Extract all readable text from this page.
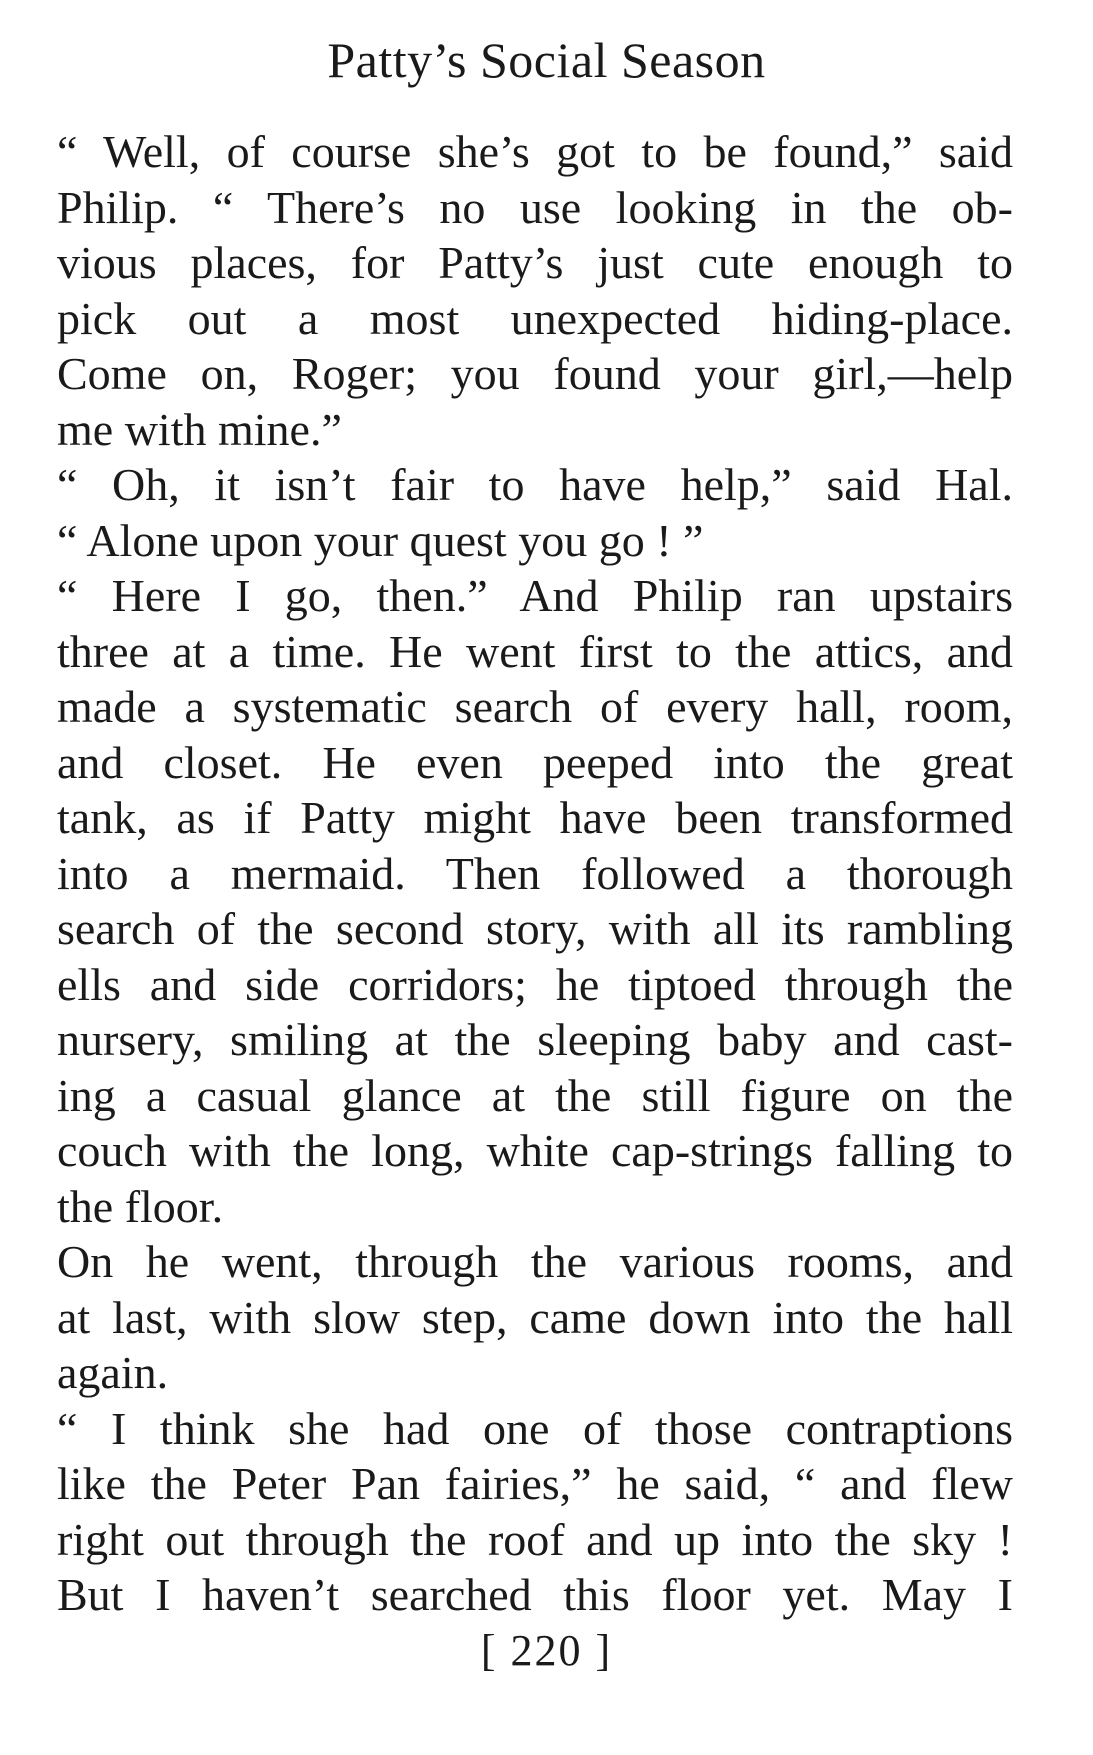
Patty’s Social Season
“ Well, of course she’s got to be found,” said
Philip. “ There’s no use looking in the ob-
vious places, for Patty’s just cute enough to
pick out a most unexpected hiding-place.
Come on, Roger; you found your girl,—help
me with mine.”
“ Oh, it isn’t fair to have help,” said Hal.
“ Alone upon your quest you go ! ”
“ Here I go, then.” And Philip ran upstairs
three at a time. He went first to the attics, and
made a systematic search of every hall, room,
and closet. He even peeped into the great
tank, as if Patty might have been transformed
into a mermaid. Then followed a thorough
search of the second story, with all its rambling
ells and side corridors; he tiptoed through the
nursery, smiling at the sleeping baby and cast-
ing a casual glance at the still figure on the
couch with the long, white cap-strings falling to
the floor.
On he went, through the various rooms, and
at last, with slow step, came down into the hall
again.
“ I think she had one of those contraptions
like the Peter Pan fairies,” he said, “ and flew
right out through the roof and up into the sky !
But I haven’t searched this floor yet. May I
[ 220 ]
